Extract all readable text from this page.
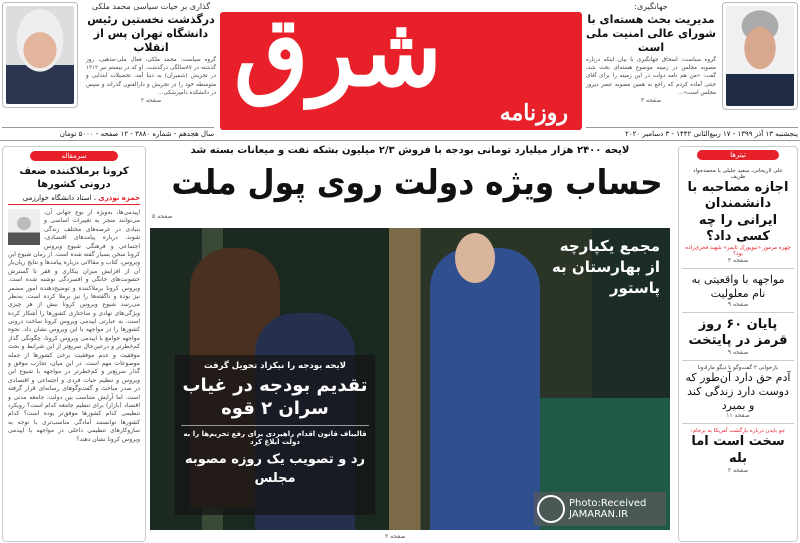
گذاری بر حیات سیاسی محمد ملکی
درگذشت نخستین رئیس دانشگاه تهران پس از انقلاب
گروه سیاست: محمد ملکی، فعال ملی-مذهبی، روز گذشته در ۸۷سالگی درگذشت. او که در بیستم تیر ۱۳۱۲ در تجریش (شمیران) به دنیا آمد، تحصیلات ابتدایی و متوسطه خود را در تجریش و دارالفنون گذراند و سپس در دانشکده دامپزشکی...
صفحه ۲
سال هجدهم - شماره ۳۸۸۰ - ۱۲ صفحه - ۵۰۰۰ تومان
شرق
روزنامه
جهانگیری:
مدیریت بحث هسته‌ای با شورای عالی امنیت ملی است
گروه سیاست: اسحاق جهانگیری با بیان اینکه درباره مصوبه مجلس در زمینه موضوع هسته‌ای بحث شد، گفت: «من هم نامه دولت در این زمینه را برای آقای جنتی آماده کردم که راجع به همین مصوبه عصر دیروز مجلس است»...
صفحه ۳
پنجشنبه ۱۳ آذر ۱۳۹۹ - ۱۷ ربیع‌الثانی ۱۴۴۲ - ۳ دسامبر ۲۰۲۰
لایحه ۲۴۰۰ هزار میلیارد تومانی بودجه با فروش ۲/۳ میلیون بشکه نفت و میعانات بسته شد
حساب ویژه دولت روی پول ملت
صفحه ۵
مجمع یکپارچه از بهارستان به پاستور
لایحه بودجه را نیکزاد تحویل گرفت
تقدیم بودجه در غیاب سران ۲ قوه
قالیباف قانون اقدام راهبردی برای رفع تحریم‌ها را به دولت ابلاغ کرد
رد و تصویب یک روزه مصوبه مجلس
Photo:Received
JAMARAN.IR
صفحه ۲
سرمقاله
کرونا برملاکننده ضعف درونی کشورها
حمزه نوذری ، استاد دانشگاه خوارزمی
اپیدمی‌ها، به‌ویژه از نوع جهانی آن، می‌توانند منجر به تغییرات اساسی و بنیادی در عرصه‌های مختلف زندگی شوند. درباره پیامدهای اقتصادی، اجتماعی و فرهنگی شیوع ویروس کرونا سخن بسیار گفته شده است. از زمان شیوع این ویروس، کتاب و مقالاتی درباره پیامدها و نتایج زیان‌بار آن از افزایش میزان بیکاری و فقر تا گسترش خشونت‌های خانگی و افسردگی نوشته شده است. ویروس کرونا برملاکننده و توضیح‌دهنده امور مضمر نیز بوده و ناگفته‌ها را نیز برملا کرده است. به‌نظر می‌رسد شیوع ویروس کرونا بیش از هر چیزی ویژگی‌های نهادی و ساختاری کشورها را آشکار کرده است. به عبارتی اپیدمی ویروس کرونا ساخت درونی کشورها را در مواجهه با این ویروس نشان داد. نحوه مواجهه جوامع با اپیدمی ویروس کرونا، چگونگی گذار کم‌خطرتر و درعین‌حال سریع‌تر از این شرایط و بحث موفقیت و عدم موفقیت برخی کشورها از جمله موضوعات مهم است. در این میان، تجارب موفق و گذار سریع‌تر و کم‌خطرتر در مواجهه با شیوع این ویروس و تنظیم حیات فردی و اجتماعی و اقتصادی در صدر مباحث و گفت‌وگوهای رسانه‌ای قرار گرفته است. اما آرایش متناسب بین دولت، جامعه مدنی و اقتصاد (بازار) برای تنظیم جامعه کدام است؟ رویکرد تنظیمی کدام کشورها موفق‌تر بوده است؟ کدام کشورها توانستند آمادگی مناسب‌تری با توجه به سازوکارهای تنظیمی داخلی در مواجهه با اپیدمی ویروس کرونا نشان دهند؟
تیترها
علی لاریجانی، سعید جلیلی یا محمدجواد ظریف
اجازه مصاحبه با دانشمندان ایرانی را چه کسی داد؟
چهره مرموز «نیویورک تایمز» شهید فخری‌زاده بود؟
صفحه ۳
مواجهه با واقعیتی به نام معلولیت
صفحه ۹
پایان ۶۰ روز قرمز در پایتخت
صفحه ۹
بازخوانی ۲ گفت‌وگو با دیگو مارادونا
آدم حق دارد آن‌طور که دوست دارد زندگی کند و بمیرد
صفحه ۱۱
جو بایدن درباره بازگشت آمریکا به برجام:
سخت است اما بله
صفحه ۲
